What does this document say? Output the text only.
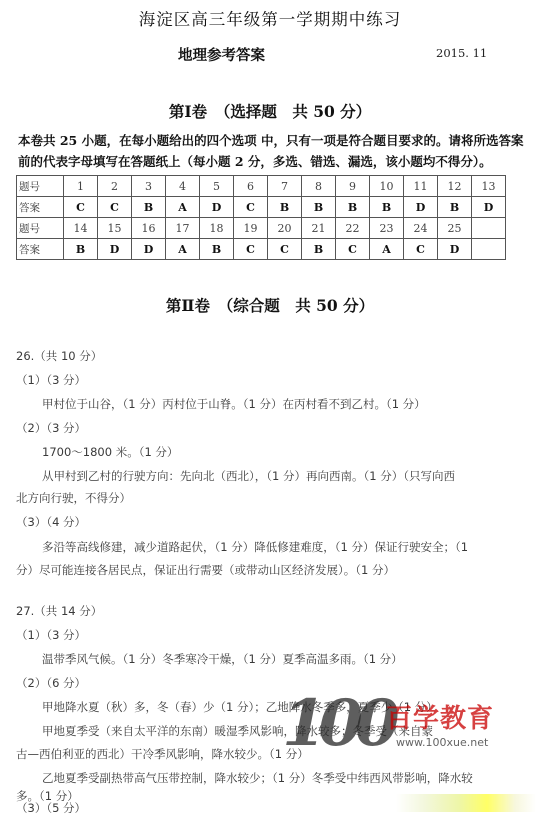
海淀区高三年级第一学期期中练习
地理参考答案	2015. 11
第Ⅰ卷　（选择题　共 50 分）
本卷共 25 小题，在每小题给出的四个选项 中，只有一项是符合题目要求的。请将所选答案前的代表字母填写在答题纸上（每小题 2 分，多选、错选、漏选，该小题均不得分）。
题号	1	2	3	4	5	6	7	8	9	10	11	12	13
答案	C	C	B	A	D	C	B	B	B	B	D	B	D
题号	14	15	16	17	18	19	20	21	22	23	24	25	
答案	B	D	D	A	B	C	C	B	C	A	C	D	
第Ⅱ卷　（综合题　共 50 分）
26.（共 10 分）
（1）（3 分）
甲村位于山谷，（1 分）丙村位于山脊。（1 分）在丙村看不到乙村。（1 分）
（2）（3 分）
1700～1800 米。（1 分）
从甲村到乙村的行驶方向：先向北（西北），（1 分）再向西南。（1 分）（只写向西
北方向行驶，不得分）
（3）（4 分）
多沿等高线修建，减少道路起伏，（1 分）降低修建难度，（1 分）保证行驶安全；（1
分）尽可能连接各居民点，保证出行需要（或带动山区经济发展）。（1 分）
27.（共 14 分）
（1）（3 分）
温带季风气候。（1 分）冬季寒冷干燥，（1 分）夏季高温多雨。（1 分）
（2）（6 分）
甲地降水夏（秋）多，冬（春）少（1 分）；乙地降水冬季多，夏季少（1 分）
甲地夏季受（来自太平洋的东南）暖湿季风影响，降水较多；冬季受（来自蒙
古—西伯利亚的西北）干冷季风影响，降水较少。（1 分）
乙地夏季受副热带高气压带控制，降水较少；（1 分）冬季受中纬西风带影响，降水较
多。（1 分）
（3）（5 分）
100
百学教育
www.100xue.net
